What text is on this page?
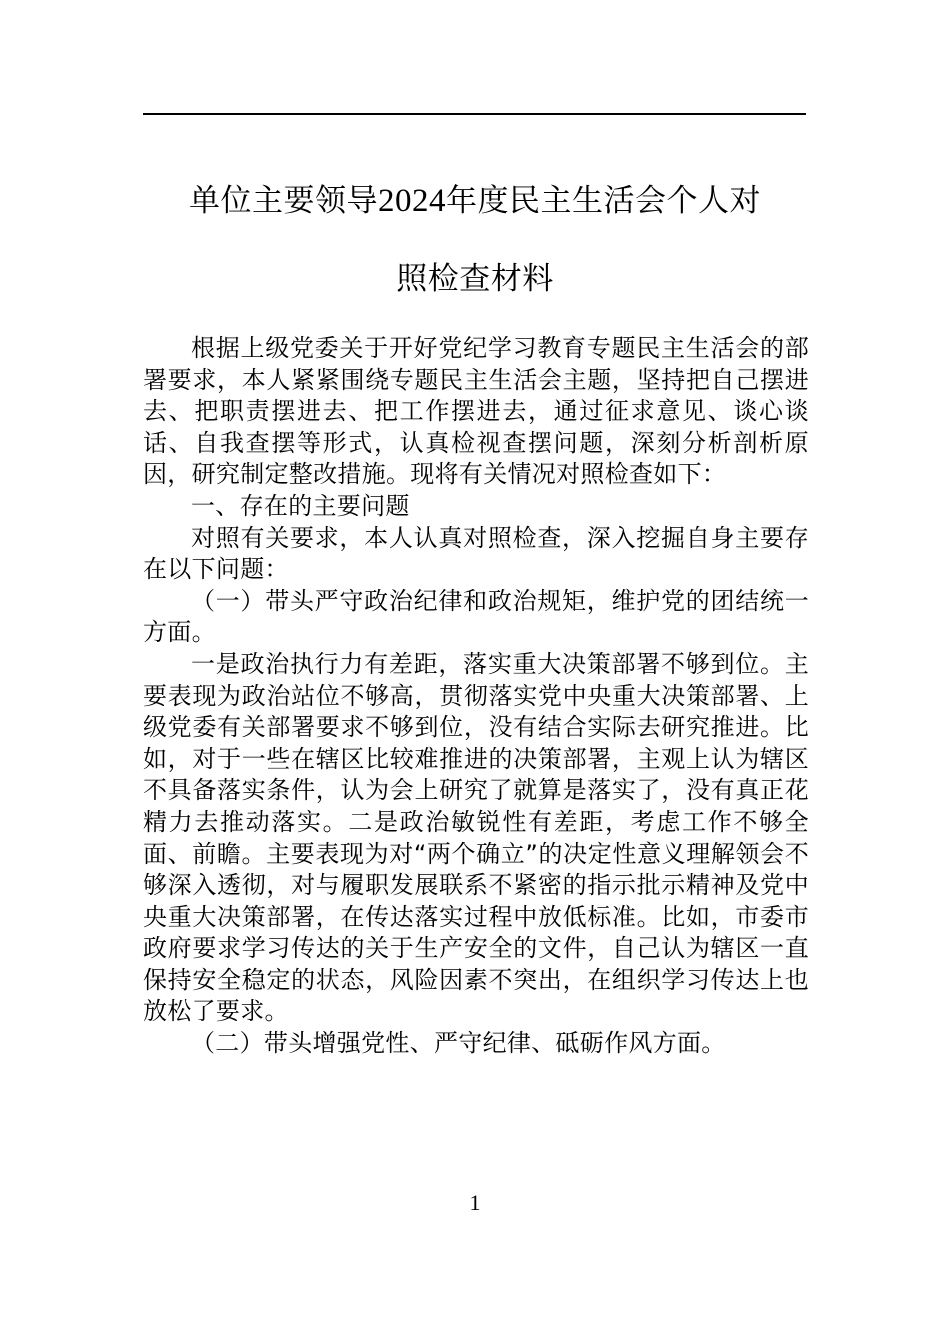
单位主要领导2024年度民主生活会个人对
照检查材料

根据上级党委关于开好党纪学习教育专题民主生活会的部署要求，本人紧紧围绕专题民主生活会主题，坚持把自己摆进去、把职责摆进去、把工作摆进去，通过征求意见、谈心谈话、自我查摆等形式，认真检视查摆问题，深刻分析剖析原因，研究制定整改措施。现将有关情况对照检查如下：

一、存在的主要问题

对照有关要求，本人认真对照检查，深入挖掘自身主要存在以下问题：

（一）带头严守政治纪律和政治规矩，维护党的团结统一方面。

一是政治执行力有差距，落实重大决策部署不够到位。主要表现为政治站位不够高，贯彻落实党中央重大决策部署、上级党委有关部署要求不够到位，没有结合实际去研究推进。比如，对于一些在辖区比较难推进的决策部署，主观上认为辖区不具备落实条件，认为会上研究了就算是落实了，没有真正花精力去推动落实。二是政治敏锐性有差距，考虑工作不够全面、前瞻。主要表现为对“两个确立”的决定性意义理解领会不够深入透彻，对与履职发展联系不紧密的指示批示精神及党中央重大决策部署，在传达落实过程中放低标准。比如，市委市政府要求学习传达的关于生产安全的文件，自己认为辖区一直保持安全稳定的状态，风险因素不突出，在组织学习传达上也放松了要求。

（二）带头增强党性、严守纪律、砥砺作风方面。

1
